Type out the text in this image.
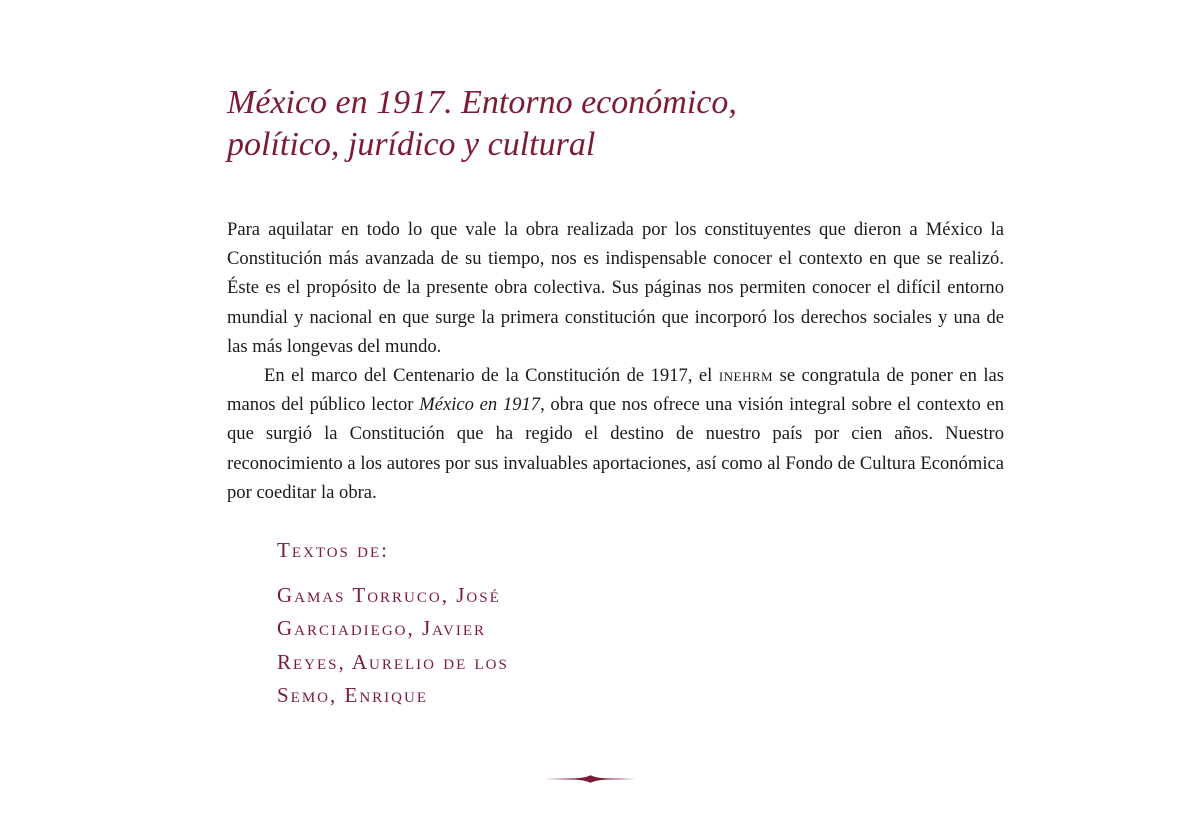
México en 1917. Entorno económico,
político, jurídico y cultural

Para aquilatar en todo lo que vale la obra realizada por los constituyentes que dieron a México la Constitución más avanzada de su tiempo, nos es indispensable conocer el contexto en que se realizó. Éste es el propósito de la presente obra colectiva. Sus páginas nos permiten conocer el difícil entorno mundial y nacional en que surge la primera constitución que incorporó los derechos sociales y una de las más longevas del mundo.

En el marco del Centenario de la Constitución de 1917, el inehrm se congratula de poner en las manos del público lector México en 1917, obra que nos ofrece una visión integral sobre el contexto en que surgió la Constitución que ha regido el destino de nuestro país por cien años. Nuestro reconocimiento a los autores por sus invaluables aportaciones, así como al Fondo de Cultura Económica por coeditar la obra.

Textos de:
Gamas Torruco, José
Garciadiego, Javier
Reyes, Aurelio de los
Semo, Enrique
